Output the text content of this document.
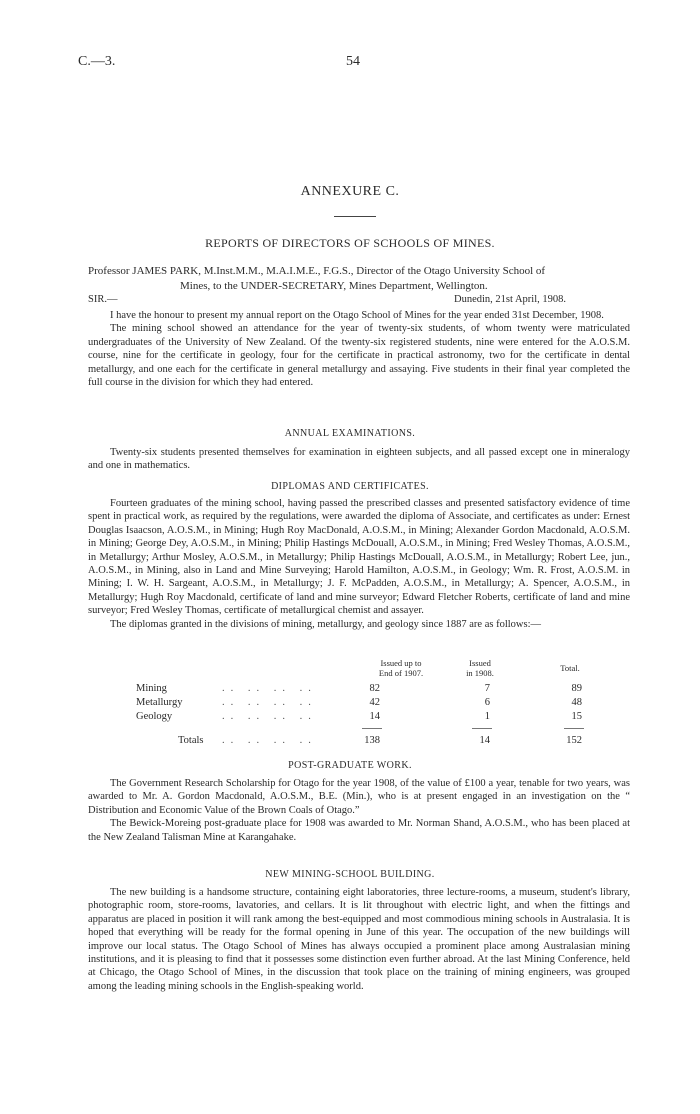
C.—3.	54
ANNEXURE C.
REPORTS OF DIRECTORS OF SCHOOLS OF MINES.
Professor JAMES PARK, M.Inst.M.M., M.A.I.M.E., F.G.S., Director of the Otago University School of
Mines, to the UNDER-SECRETARY, Mines Department, Wellington.
SIR.—	Dunedin, 21st April, 1908.

I have the honour to present my annual report on the Otago School of Mines for the year ended 31st December, 1908.

The mining school showed an attendance for the year of twenty-six students, of whom twenty were matriculated undergraduates of the University of New Zealand. Of the twenty-six registered students, nine were entered for the A.O.S.M. course, nine for the certificate in geology, four for the certificate in practical astronomy, two for the certificate in dental metallurgy, and one each for the certificate in general metallurgy and assaying. Five students in their final year completed the full course in the division for which they had entered.

ANNUAL EXAMINATIONS.

Twenty-six students presented themselves for examination in eighteen subjects, and all passed except one in mineralogy and one in mathematics.

DIPLOMAS AND CERTIFICATES.

Fourteen graduates of the mining school, having passed the prescribed classes and presented satisfactory evidence of time spent in practical work, as required by the regulations, were awarded the diploma of Associate, and certificates as under: Ernest Douglas Isaacson, A.O.S.M., in Mining; Hugh Roy MacDonald, A.O.S.M., in Mining; Alexander Gordon Macdonald, A.O.S.M. in Mining; George Dey, A.O.S.M., in Mining; Philip Hastings McDouall, A.O.S.M., in Mining; Fred Wesley Thomas, A.O.S.M., in Metallurgy; Arthur Mosley, A.O.S.M., in Metallurgy; Philip Hastings McDouall, A.O.S.M., in Metallurgy; Robert Lee, jun., A.O.S.M., in Mining, also in Land and Mine Surveying; Harold Hamilton, A.O.S.M., in Geology; Wm. R. Frost, A.O.S.M. in Mining; I. W. H. Sargeant, A.O.S.M., in Metallurgy; J. F. McPadden, A.O.S.M., in Metallurgy; A. Spencer, A.O.S.M., in Metallurgy; Hugh Roy Macdonald, certificate of land and mine surveyor; Edward Fletcher Roberts, certificate of land and mine surveyor; Fred Wesley Thomas, certificate of metallurgical chemist and assayer.

The diplomas granted in the divisions of mining, metallurgy, and geology since 1887 are as follows:—

Issued up to
End of 1907.
Issued
in 1908.	Total.
Mining	.. .. .. ..	82	7	89
Metallurgy	.. .. .. ..	42	6	48
Geology	.. .. .. ..	14	1	15
Totals .. .. .. ..	138	14	152
POST-GRADUATE WORK.

The Government Research Scholarship for Otago for the year 1908, of the value of £100 a year, tenable for two years, was awarded to Mr. A. Gordon Macdonald, A.O.S.M., B.E. (Min.), who is at present engaged in an investigation on the “ Distribution and Economic Value of the Brown Coals of Otago.”

The Bewick-Moreing post-graduate place for 1908 was awarded to Mr. Norman Shand, A.O.S.M., who has been placed at the New Zealand Talisman Mine at Karangahake.

NEW MINING-SCHOOL BUILDING.

The new building is a handsome structure, containing eight laboratories, three lecture-rooms, a museum, student's library, photographic room, store-rooms, lavatories, and cellars. It is lit throughout with electric light, and when the fittings and apparatus are placed in position it will rank among the best-equipped and most commodious mining schools in Australasia. It is hoped that everything will be ready for the formal opening in June of this year. The occupation of the new buildings will improve our local status. The Otago School of Mines has always occupied a prominent place among Australasian mining institutions, and it is pleasing to find that it possesses some distinction even further abroad. At the last Mining Conference, held at Chicago, the Otago School of Mines, in the discussion that took place on the training of mining engineers, was grouped among the leading mining schools in the English-speaking world.
